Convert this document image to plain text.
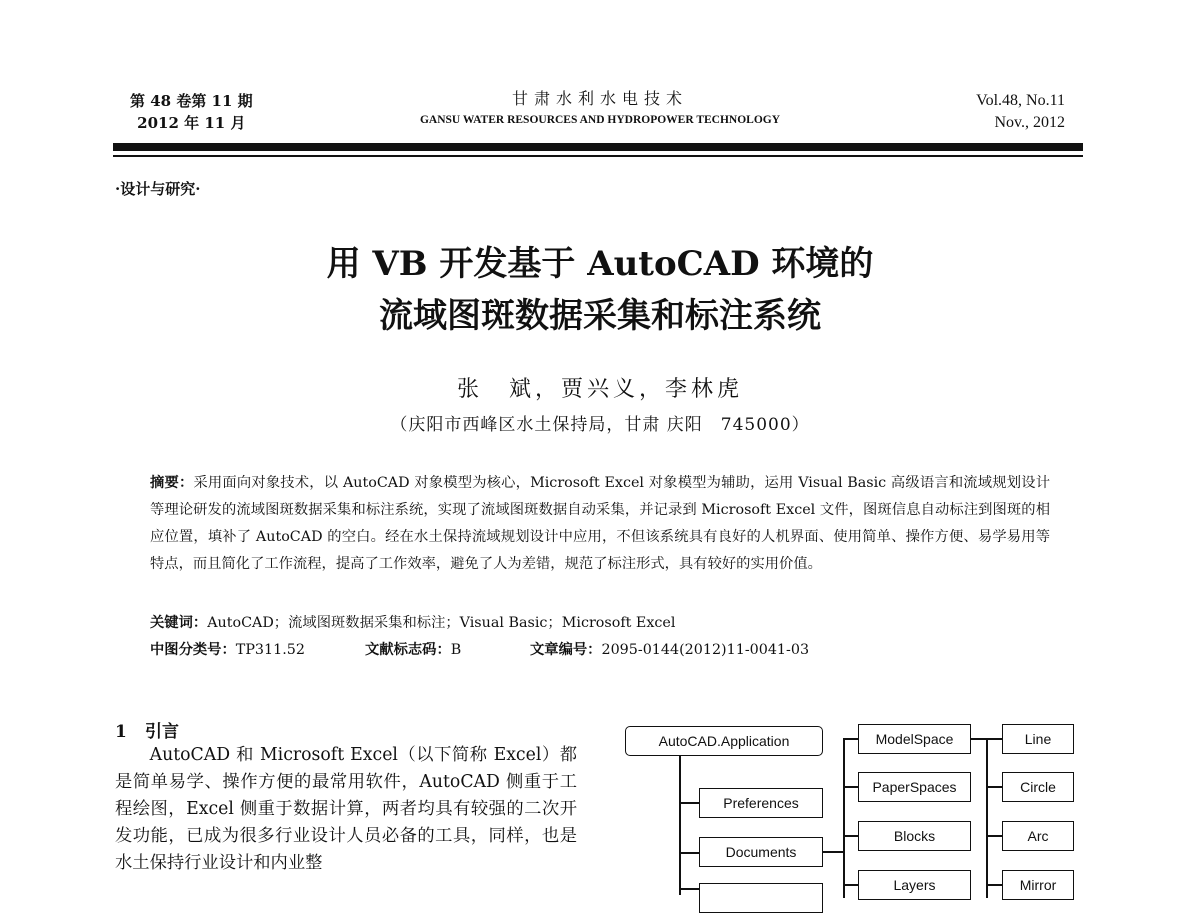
第 48 卷第 11 期
2012 年 11 月
甘肃水利水电技术
GANSU WATER RESOURCES AND HYDROPOWER TECHNOLOGY
Vol.48, No.11
Nov., 2012
·设计与研究·
用 VB 开发基于 AutoCAD 环境的
流域图斑数据采集和标注系统
张　斌，贾兴义，李林虎
（庆阳市西峰区水土保持局，甘肃 庆阳　745000）
摘要：采用面向对象技术，以 AutoCAD 对象模型为核心，Microsoft Excel 对象模型为辅助，运用 Visual Basic 高级语言和流域规划设计等理论研发的流域图斑数据采集和标注系统，实现了流域图斑数据自动采集，并记录到 Microsoft Excel 文件，图斑信息自动标注到图斑的相应位置，填补了 AutoCAD 的空白。经在水土保持流域规划设计中应用，不但该系统具有良好的人机界面、使用简单、操作方便、易学易用等特点，而且简化了工作流程，提高了工作效率，避免了人为差错，规范了标注形式，具有较好的实用价值。
关键词：AutoCAD；流域图斑数据采集和标注；Visual Basic；Microsoft Excel
中图分类号：TP311.52	文献标志码：B	文章编号：2095-0144(2012)11-0041-03
1 引言
AutoCAD 和 Microsoft Excel（以下简称 Excel）都是简单易学、操作方便的最常用软件，AutoCAD 侧重于工程绘图，Excel 侧重于数据计算，两者均具有较强的二次开发功能，已成为很多行业设计人员必备的工具，同样，也是水土保持行业设计和内业整
AutoCAD.Application
Preferences
Documents
ModelSpace
PaperSpaces
Blocks
Layers
Line
Circle
Arc
Mirror
